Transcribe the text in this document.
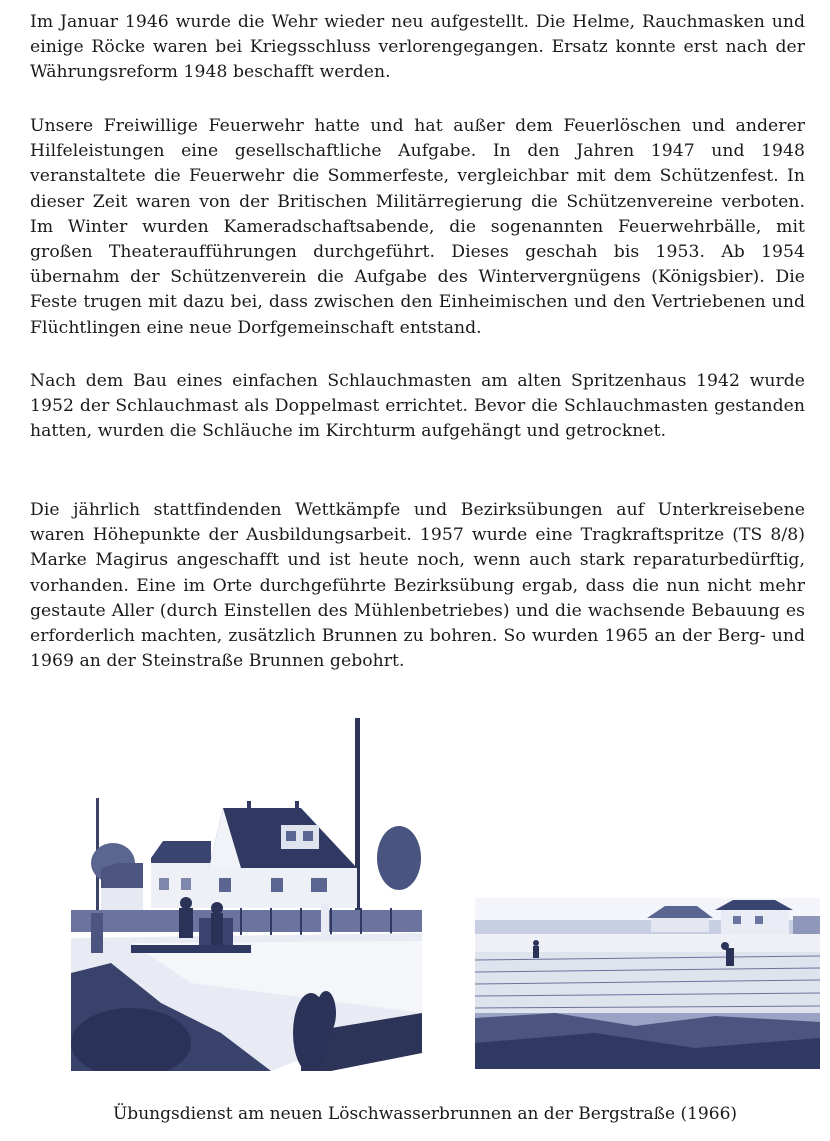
Im Januar 1946 wurde die Wehr wieder neu aufgestellt. Die Helme, Rauchmasken und einige Röcke waren bei Kriegsschluss verlorengegangen. Ersatz konnte erst nach der Währungsreform 1948 beschafft werden.

Unsere Freiwillige Feuerwehr hatte und hat außer dem Feuerlöschen und anderer Hilfeleistungen eine gesellschaftliche Aufgabe. In den Jahren 1947 und 1948 veranstaltete die Feuerwehr die Sommerfeste, vergleichbar mit dem Schützenfest. In dieser Zeit waren von der Britischen Militärregierung die Schützenvereine verboten. Im Winter wurden Kameradschaftsabende, die sogenannten Feuerwehrbälle, mit großen Theateraufführungen durchgeführt. Dieses geschah bis 1953. Ab 1954 übernahm der Schützenverein die Aufgabe des Wintervergnügens (Königsbier). Die Feste trugen mit dazu bei, dass zwischen den Einheimischen und den Vertriebenen und Flüchtlingen eine neue Dorfgemeinschaft entstand.

Nach dem Bau eines einfachen Schlauchmasten am alten Spritzenhaus 1942 wurde 1952 der Schlauchmast als Doppelmast errichtet. Bevor die Schlauchmasten gestanden hatten, wurden die Schläuche im Kirchturm aufgehängt und getrocknet.

Die jährlich stattfindenden Wettkämpfe und Bezirksübungen auf Unterkreisebene waren Höhepunkte der Ausbildungsarbeit. 1957 wurde eine Tragkraftspritze (TS 8/8) Marke Magirus angeschafft und ist heute noch, wenn auch stark reparaturbedürftig, vorhanden. Eine im Orte durchgeführte Bezirksübung ergab, dass die nun nicht mehr gestaute Aller (durch Einstellen des Mühlenbetriebes) und die wachsende Bebauung es erforderlich machten, zusätzlich Brunnen zu bohren. So wurden 1965 an der Berg- und 1969 an der Steinstraße Brunnen gebohrt.

Übungsdienst am neuen Löschwasserbrunnen an der Bergstraße (1966)
